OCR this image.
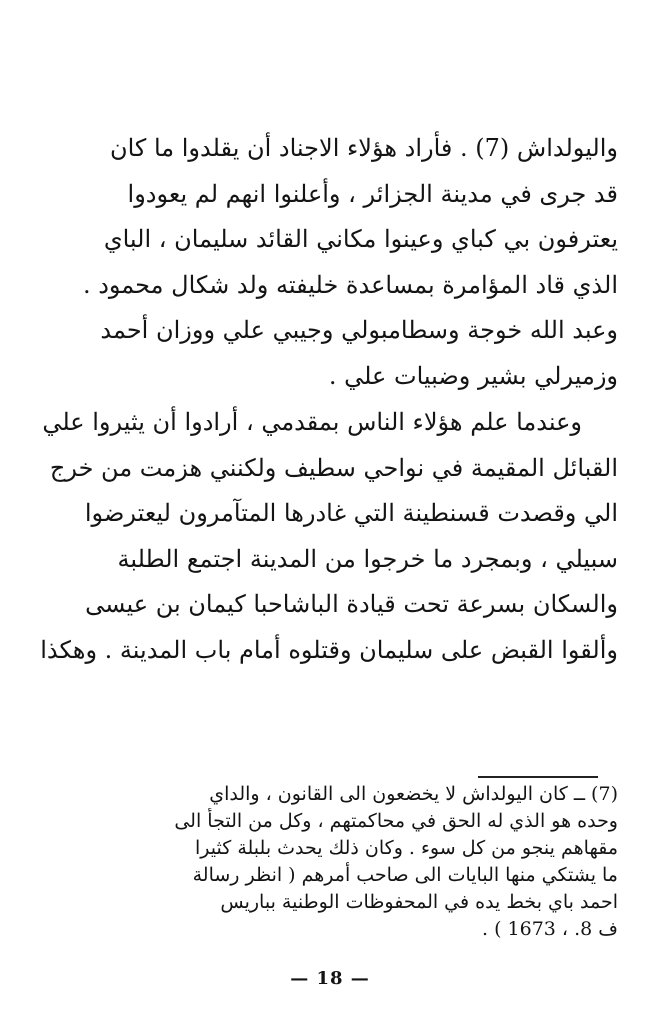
واليولداش (7) . فأراد هؤلاء الاجناد أن يقلدوا ما كان
قد جرى في مدينة الجزائر ، وأعلنوا انهم لم يعودوا
يعترفون بي كباي وعينوا مكاني القائد سليمان ، الباي
الذي قاد المؤامرة بمساعدة خليفته ولد شكال محمود .
وعبد الله خوجة وسطامبولي وجيبي علي ووزان أحمد
وزميرلي بشير وضبيات علي .
وعندما علم هؤلاء الناس بمقدمي ، أرادوا أن يثيروا علي
القبائل المقيمة في نواحي سطيف ولكنني هزمت من خرج
الي وقصدت قسنطينة التي غادرها المتآمرون ليعترضوا
سبيلي ، وبمجرد ما خرجوا من المدينة اجتمع الطلبة
والسكان بسرعة تحت قيادة الباشاحبا كيمان بن عيسى
وألقوا القبض على سليمان وقتلوه أمام باب المدينة . وهكذا
(7) ــ كان اليولداش لا يخضعون الى القانون ، والداي
وحده هو الذي له الحق في محاكمتهم ، وكل من التجأ الى
مقهاهم ينجو من كل سوء . وكان ذلك يحدث بلبلة كثيرا
ما يشتكي منها البايات الى صاحب أمرهم ( انظر رسالة
احمد باي بخط يده في المحفوظات الوطنية بباريس
ف 8. ، 1673 ) .
— 18 —
